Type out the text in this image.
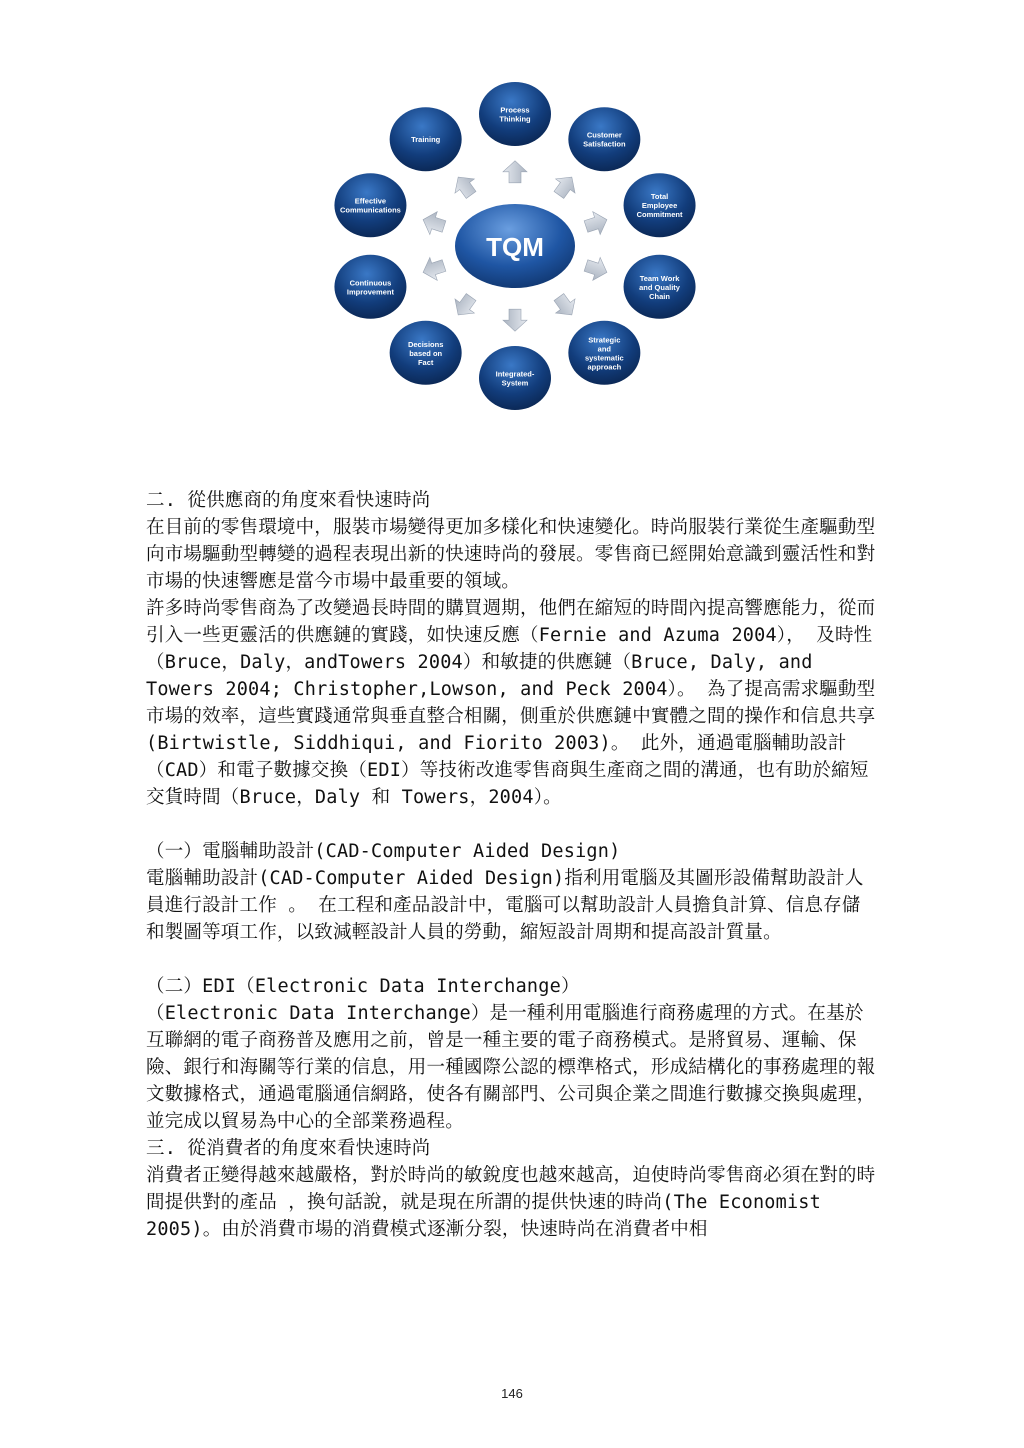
Process
Thinking
Customer
Satisfaction
Total
Employee
Commitment
Team Work
and Quality
Chain
Strategic
and
systematic
approach
Integrated-
System
Decisions
based on
Fact
Continuous
Improvement
Effective
Communications
Training
TQM

二. 從供應商的角度來看快速時尚

在目前的零售環境中，服裝市場變得更加多樣化和快速變化。時尚服裝行業從生產驅動型向市場驅動型轉變的過程表現出新的快速時尚的發展。零售商已經開始意識到靈活性和對市場的快速響應是當今市場中最重要的領域。

許多時尚零售商為了改變過長時間的購買週期，他們在縮短的時間內提高響應能力，從而引入一些更靈活的供應鏈的實踐，如快速反應（Fernie and Azuma 2004）， 及時性（Bruce，Daly，andTowers 2004）和敏捷的供應鏈（Bruce, Daly, and Towers 2004; Christopher,Lowson, and Peck 2004）。 為了提高需求驅動型市場的效率，這些實踐通常與垂直整合相關，側重於供應鏈中實體之間的操作和信息共享(Birtwistle, Siddhiqui, and Fiorito 2003)。 此外，通過電腦輔助設計（CAD）和電子數據交換（EDI）等技術改進零售商與生產商之間的溝通，也有助於縮短交貨時間（Bruce，Daly 和 Towers，2004）。

（一）電腦輔助設計(CAD-Computer Aided Design)

電腦輔助設計(CAD-Computer Aided Design)指利用電腦及其圖形設備幫助設計人員進行設計工作 。 在工程和產品設計中，電腦可以幫助設計人員擔負計算、信息存儲和製圖等項工作，以致減輕設計人員的勞動，縮短設計周期和提高設計質量。

（二）EDI（Electronic Data Interchange）

（Electronic Data Interchange）是一種利用電腦進行商務處理的方式。在基於互聯網的電子商務普及應用之前，曾是一種主要的電子商務模式。是將貿易、運輸、保險、銀行和海關等行業的信息，用一種國際公認的標準格式，形成結構化的事務處理的報文數據格式，通過電腦通信網路，使各有關部門、公司與企業之間進行數據交換與處理，並完成以貿易為中心的全部業務過程。

三. 從消費者的角度來看快速時尚

消費者正變得越來越嚴格，對於時尚的敏銳度也越來越高，迫使時尚零售商必須在對的時間提供對的產品 ，換句話說，就是現在所謂的提供快速的時尚(The Economist 2005)。由於消費市場的消費模式逐漸分裂，快速時尚在消費者中相

146
